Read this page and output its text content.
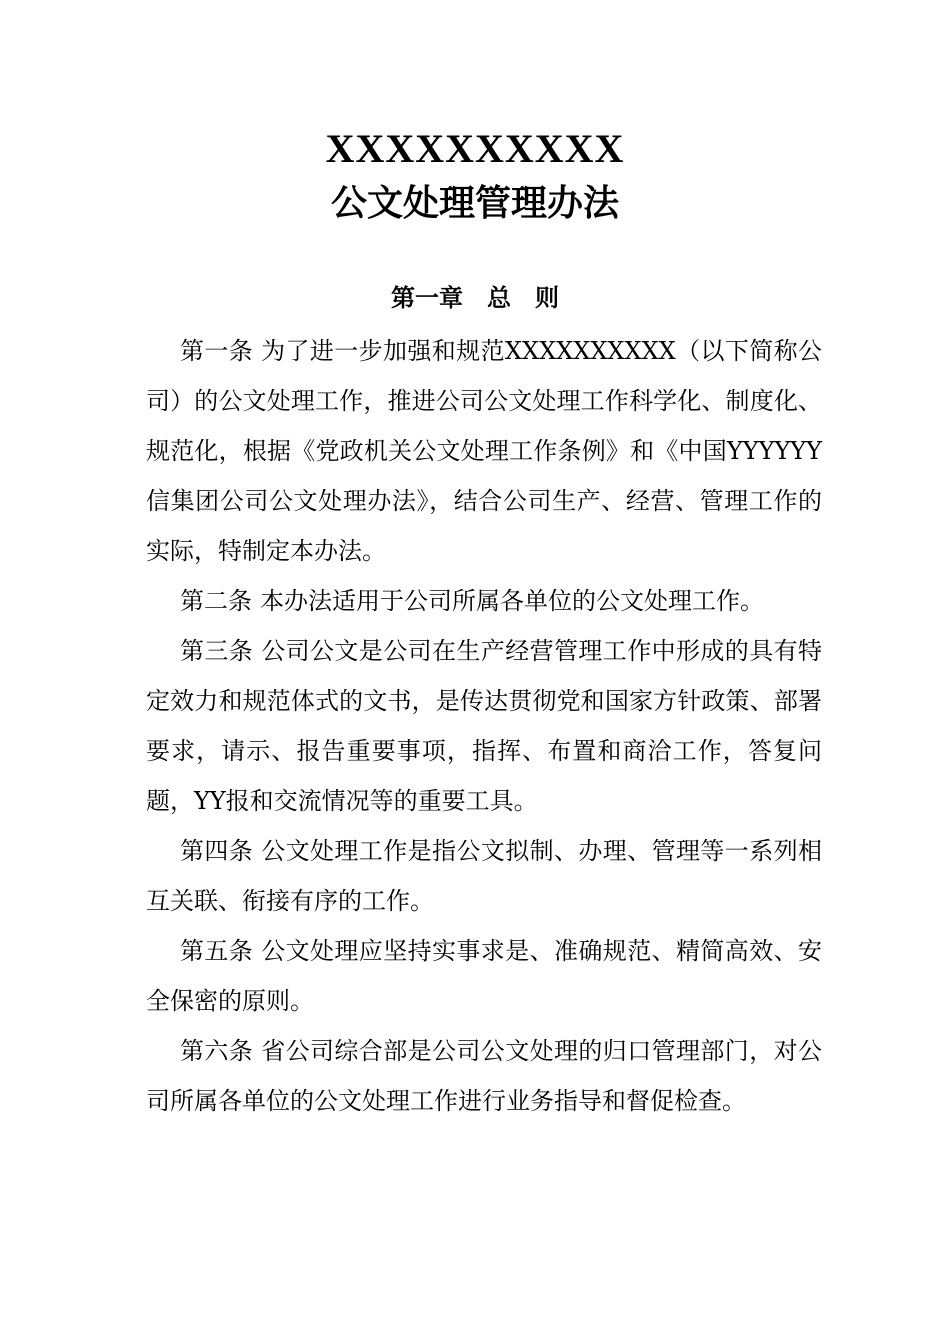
XXXXXXXXXX
公文处理管理办法
第一章　总　则

第一条 为了进一步加强和规范XXXXXXXXXX（以下简称公司）的公文处理工作，推进公司公文处理工作科学化、制度化、规范化，根据《党政机关公文处理工作条例》和《中国YYYYYY信集团公司公文处理办法》，结合公司生产、经营、管理工作的实际，特制定本办法。

第二条 本办法适用于公司所属各单位的公文处理工作。

第三条 公司公文是公司在生产经营管理工作中形成的具有特定效力和规范体式的文书，是传达贯彻党和国家方针政策、部署要求，请示、报告重要事项，指挥、布置和商洽工作，答复问题，YY报和交流情况等的重要工具。

第四条 公文处理工作是指公文拟制、办理、管理等一系列相互关联、衔接有序的工作。

第五条 公文处理应坚持实事求是、准确规范、精简高效、安全保密的原则。

第六条 省公司综合部是公司公文处理的归口管理部门，对公司所属各单位的公文处理工作进行业务指导和督促检查。
